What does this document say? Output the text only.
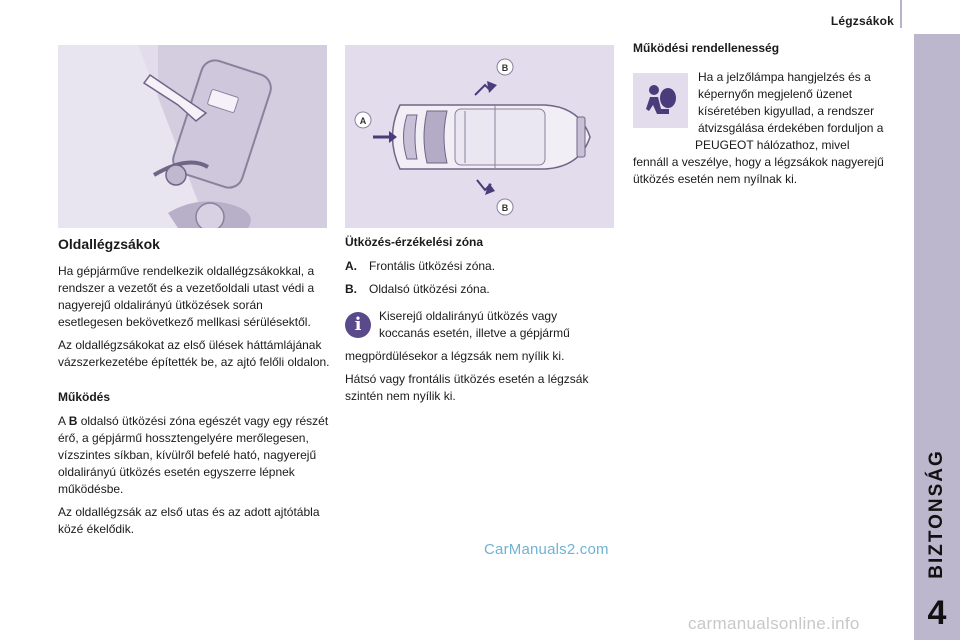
Légzsákok
BIZTONSÁG
4
B
B
A
Oldallégzsákok

Ha gépjárműve rendelkezik oldallégzsákokkal, a rendszer a vezetőt és a vezetőoldali utast védi a nagyerejű oldalirányú ütközések során esetlegesen bekövetkező mellkasi sérülésektől.

Az oldallégzsákokat az első ülések háttámlájának vázszerkezetébe építették be, az ajtó felőli oldalon.

Működés

A B oldalsó ütközési zóna egészét vagy egy részét érő, a gépjármű hossztengelyére merőlegesen, vízszintes síkban, kívülről befelé ható, nagyerejű oldalirányú ütközés esetén egyszerre lépnek működésbe.

Az oldallégzsák az első utas és az adott ajtótábla közé ékelődik.

Ütközés-érzékelési zóna
A.	Frontális ütközési zóna.
B.	Oldalsó ütközési zóna.
i	Kiserejű oldalirányú ütközés vagy koccanás esetén, illetve a gépjármű

megpördülésekor a légzsák nem nyílik ki.

Hátsó vagy frontális ütközés esetén a légzsák szintén nem nyílik ki.

Működési rendellenesség

Ha a jelzőlámpa hangjelzés és a képernyőn megjelenő üzenet kíséretében kigyullad, a rendszer átvizsgálása érdekében forduljon a PEUGEOT hálózathoz, mivel

fennáll a veszélye, hogy a légzsákok nagyerejű ütközés esetén nem nyílnak ki.

CarManuals2.com
carmanualsonline.info
